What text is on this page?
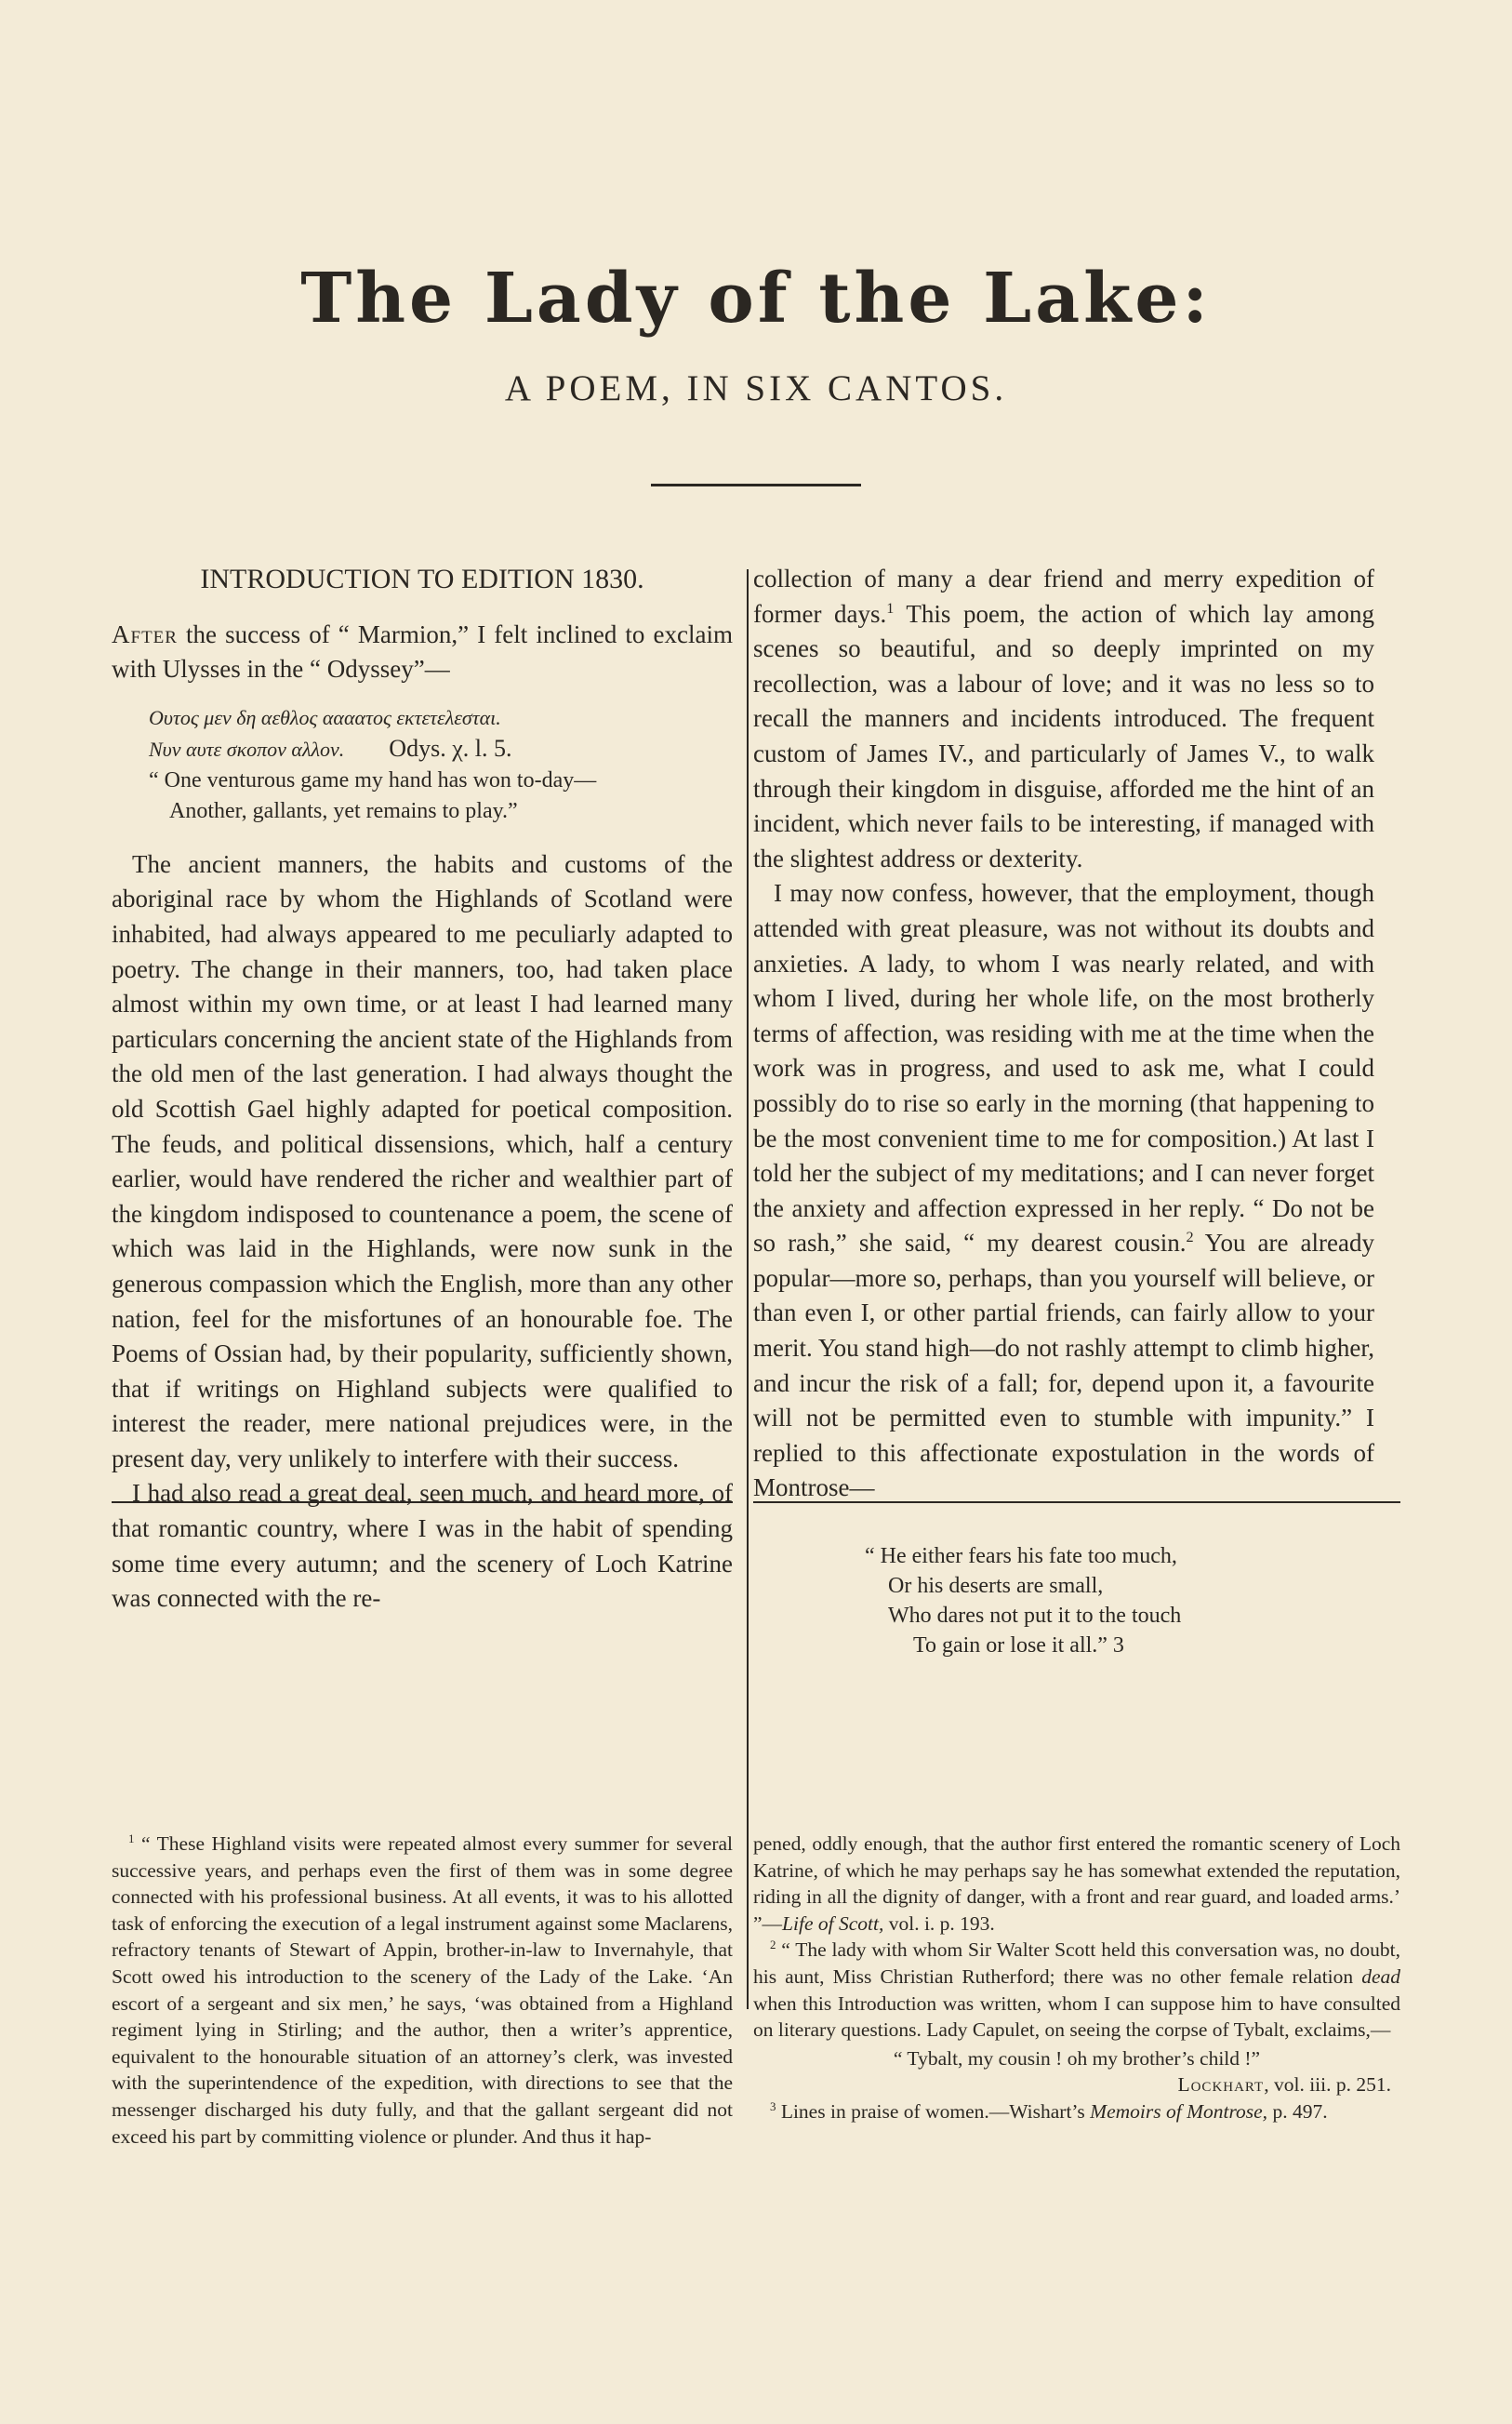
The Lady of the Lake:
A POEM, IN SIX CANTOS.
INTRODUCTION TO EDITION 1830.

After the success of “ Marmion,” I felt inclined to exclaim with Ulysses in the “ Odyssey”—

Ουτος μεν δη αεθλος αααατος εκτετελεσται.
Νυν αυτε σκοπον αλλον. Odys. χ. l. 5.
“ One venturous game my hand has won to-day—
Another, gallants, yet remains to play.”

The ancient manners, the habits and customs of the aboriginal race by whom the Highlands of Scotland were inhabited, had always appeared to me peculiarly adapted to poetry. The change in their manners, too, had taken place almost within my own time, or at least I had learned many particulars concerning the ancient state of the Highlands from the old men of the last generation. I had always thought the old Scottish Gael highly adapted for poetical composition. The feuds, and political dissensions, which, half a century earlier, would have rendered the richer and wealthier part of the kingdom indisposed to countenance a poem, the scene of which was laid in the Highlands, were now sunk in the generous compassion which the English, more than any other nation, feel for the misfortunes of an honourable foe. The Poems of Ossian had, by their popularity, sufficiently shown, that if writings on Highland subjects were qualified to interest the reader, mere national prejudices were, in the present day, very unlikely to interfere with their success.

I had also read a great deal, seen much, and heard more, of that romantic country, where I was in the habit of spending some time every autumn; and the scenery of Loch Katrine was connected with the re-

collection of many a dear friend and merry expedition of former days.$^1$ This poem, the action of which lay among scenes so beautiful, and so deeply imprinted on my recollection, was a labour of love; and it was no less so to recall the manners and incidents introduced. The frequent custom of James IV., and particularly of James V., to walk through their kingdom in disguise, afforded me the hint of an incident, which never fails to be interesting, if managed with the slightest address or dexterity.

I may now confess, however, that the employment, though attended with great pleasure, was not without its doubts and anxieties. A lady, to whom I was nearly related, and with whom I lived, during her whole life, on the most brotherly terms of affection, was residing with me at the time when the work was in progress, and used to ask me, what I could possibly do to rise so early in the morning (that happening to be the most convenient time to me for composition.) At last I told her the subject of my meditations; and I can never forget the anxiety and affection expressed in her reply. “ Do not be so rash,” she said, “ my dearest cousin.$^2$ You are already popular—more so, perhaps, than you yourself will believe, or than even I, or other partial friends, can fairly allow to your merit. You stand high—do not rashly attempt to climb higher, and incur the risk of a fall; for, depend upon it, a favourite will not be permitted even to stumble with impunity.” I replied to this affectionate expostulation in the words of Montrose—

“ He either fears his fate too much,
Or his deserts are small,
Who dares not put it to the touch
To gain or lose it all.” 3

$^1$ “ These Highland visits were repeated almost every summer for several successive years, and perhaps even the first of them was in some degree connected with his professional business. At all events, it was to his allotted task of enforcing the execution of a legal instrument against some Maclarens, refractory tenants of Stewart of Appin, brother-in-law to Invernahyle, that Scott owed his introduction to the scenery of the Lady of the Lake. ‘An escort of a sergeant and six men,’ he says, ‘was obtained from a Highland regiment lying in Stirling; and the author, then a writer’s apprentice, equivalent to the honourable situation of an attorney’s clerk, was invested with the superintendence of the expedition, with directions to see that the messenger discharged his duty fully, and that the gallant sergeant did not exceed his part by committing violence or plunder. And thus it hap-

pened, oddly enough, that the author first entered the romantic scenery of Loch Katrine, of which he may perhaps say he has somewhat extended the reputation, riding in all the dignity of danger, with a front and rear guard, and loaded arms.’ ”—Life of Scott, vol. i. p. 193.

$^2$ “ The lady with whom Sir Walter Scott held this conversation was, no doubt, his aunt, Miss Christian Rutherford; there was no other female relation dead when this Introduction was written, whom I can suppose him to have consulted on literary questions. Lady Capulet, on seeing the corpse of Tybalt, exclaims,—

“ Tybalt, my cousin ! oh my brother’s child !”
Lockhart, vol. iii. p. 251.

$^3$ Lines in praise of women.—Wishart’s Memoirs of Montrose, p. 497.
